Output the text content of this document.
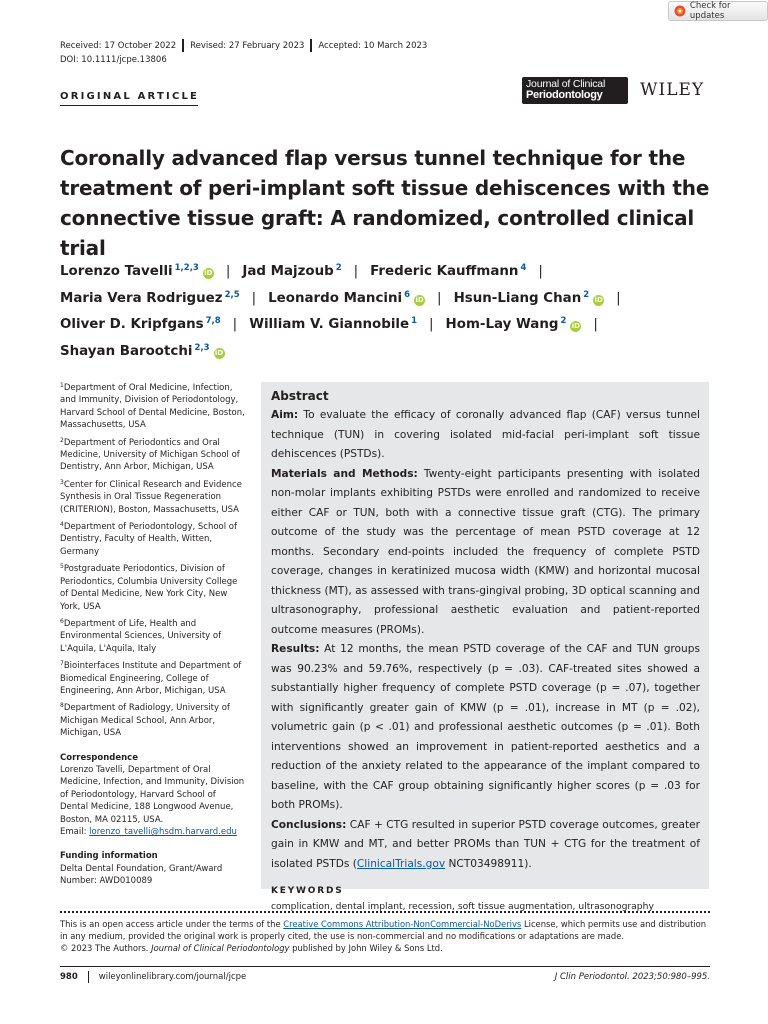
Check for updates
Received: 17 October 2022 Revised: 27 February 2023 Accepted: 10 March 2023
DOI: 10.1111/jcpe.13806
ORIGINAL ARTICLE
Journal of Clinical
Periodontology WILEY
Coronally advanced flap versus tunnel technique for the treatment of peri-implant soft tissue dehiscences with the connective tissue graft: A randomized, controlled clinical trial
Lorenzo Tavelli $^{1,2,3}$ iD | Jad Majzoub $^2$ | Frederic Kauffmann $^4$ |
Maria Vera Rodriguez $^{2,5}$ | Leonardo Mancini $^6$ iD | Hsun-Liang Chan $^2$ iD |
Oliver D. Kripfgans $^{7,8}$ | William V. Giannobile $^1$ | Hom-Lay Wang $^2$ iD |
Shayan Barootchi $^{2,3}$ iD
$^1$Department of Oral Medicine, Infection, and Immunity, Division of Periodontology, Harvard School of Dental Medicine, Boston, Massachusetts, USA
$^2$Department of Periodontics and Oral Medicine, University of Michigan School of Dentistry, Ann Arbor, Michigan, USA
$^3$Center for Clinical Research and Evidence Synthesis in Oral Tissue Regeneration (CRITERION), Boston, Massachusetts, USA
$^4$Department of Periodontology, School of Dentistry, Faculty of Health, Witten, Germany
$^5$Postgraduate Periodontics, Division of Periodontics, Columbia University College of Dental Medicine, New York City, New York, USA
$^6$Department of Life, Health and Environmental Sciences, University of L'Aquila, L'Aquila, Italy
$^7$Biointerfaces Institute and Department of Biomedical Engineering, College of Engineering, Ann Arbor, Michigan, USA
$^8$Department of Radiology, University of Michigan Medical School, Ann Arbor, Michigan, USA
Correspondence
Lorenzo Tavelli, Department of Oral Medicine, Infection, and Immunity, Division of Periodontology, Harvard School of Dental Medicine, 188 Longwood Avenue, Boston, MA 02115, USA.
Email: lorenzo_tavelli@hsdm.harvard.edu
Funding information
Delta Dental Foundation, Grant/Award Number: AWD010089
Abstract

Aim: To evaluate the efficacy of coronally advanced flap (CAF) versus tunnel technique (TUN) in covering isolated mid-facial peri-implant soft tissue dehiscences (PSTDs).

Materials and Methods: Twenty-eight participants presenting with isolated non-molar implants exhibiting PSTDs were enrolled and randomized to receive either CAF or TUN, both with a connective tissue graft (CTG). The primary outcome of the study was the percentage of mean PSTD coverage at 12 months. Secondary end-points included the frequency of complete PSTD coverage, changes in keratinized mucosa width (KMW) and horizontal mucosal thickness (MT), as assessed with trans-gingival probing, 3D optical scanning and ultrasonography, professional aesthetic evaluation and patient-reported outcome measures (PROMs).

Results: At 12 months, the mean PSTD coverage of the CAF and TUN groups was 90.23% and 59.76%, respectively (p = .03). CAF-treated sites showed a substantially higher frequency of complete PSTD coverage (p = .07), together with significantly greater gain of KMW (p = .01), increase in MT (p = .02), volumetric gain (p < .01) and professional aesthetic outcomes (p = .01). Both interventions showed an improvement in patient-reported aesthetics and a reduction of the anxiety related to the appearance of the implant compared to baseline, with the CAF group obtaining significantly higher scores (p = .03 for both PROMs).

Conclusions: CAF + CTG resulted in superior PSTD coverage outcomes, greater gain in KMW and MT, and better PROMs than TUN + CTG for the treatment of isolated PSTDs (ClinicalTrials.gov NCT03498911).

KEYWORDS
complication, dental implant, recession, soft tissue augmentation, ultrasonography
This is an open access article under the terms of the Creative Commons Attribution-NonCommercial-NoDerivs License, which permits use and distribution in any medium, provided the original work is properly cited, the use is non-commercial and no modifications or adaptations are made.
© 2023 The Authors. Journal of Clinical Periodontology published by John Wiley & Sons Ltd.
980 wileyonlinelibrary.com/journal/jcpe	J Clin Periodontol. 2023;50:980–995.
